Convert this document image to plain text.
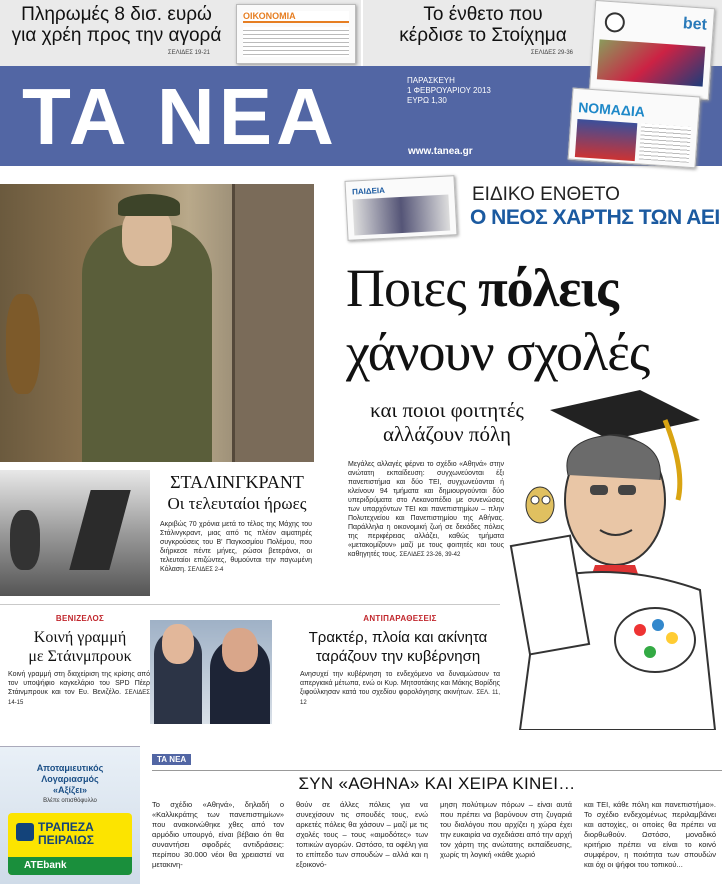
Πληρωμές 8 δισ. ευρώ
για χρέη προς την αγορά
ΣΕΛΙΔΕΣ 19-21
ΟΙΚΟΝΟΜΙΑ	Το ένθετο που
κέρδισε το Στοίχημα
ΣΕΛΙΔΕΣ 29-36
bet
ΝΟΜΑΔΙΑ
ΤΑ ΝΕΑ	ΠΑΡΑΣΚΕΥΗ
1 ΦΕΒΡΟΥΑΡΙΟΥ 2013
ΕΥΡΩ 1,30
www.tanea.gr
ΣΤΑΛΙΝΓΚΡΑΝΤ
Οι τελευταίοι ήρωες
Ακριβώς 70 χρόνια μετά το τέλος της Μάχης του Στάλινγκραντ, μιας από τις πλέον αιματηρές συγκρούσεις του Β' Παγκοσμίου Πολέμου, που διήρκεσε πέντε μήνες, ρώσοι βετεράνοι, οι τελευταίοι επιζώντες, θυμούνται την παγωμένη Κόλαση. ΣΕΛΙΔΕΣ 2-4
ΠΑΙΔΕΙΑ	ΕΙΔΙΚΟ ΕΝΘΕΤΟ
Ο ΝΕΟΣ ΧΑΡΤΗΣ ΤΩΝ ΑΕΙ
Ποιες πόλεις
χάνουν σχολές
και ποιοι φοιτητές
αλλάζουν πόλη
Μεγάλες αλλαγές φέρνει το σχέδιο «Αθηνά» στην ανώτατη εκπαίδευση: συγχωνεύονται έξι πανεπιστήμια και δύο ΤΕΙ, συγχωνεύονται ή κλείνουν 94 τμήματα και δημιουργούνται δύο υπεριδρύματα στο Λεκανοπέδιο με συνενώσεις των υπαρχόντων ΤΕΙ και πανεπιστημίων – πλην Πολυτεχνείου και Πανεπιστημίου της Αθήνας. Παράλληλα η οικονομική ζωή σε δεκάδες πόλεις της περιφέρειας αλλάζει, καθώς τμήματα «μετακομίζουν» μαζί με τους φοιτητές και τους καθηγητές τους. ΣΕΛΙΔΕΣ 23-26, 39-42
ΒΕΝΙΖΕΛΟΣ
Κοινή γραμμή
με Στάινμπρουκ
Κοινή γραμμή στη διαχείριση της κρίσης από τον υποψήφιο καγκελάριο του SPD Πέερ Στάινμπρουκ και τον Ευ. Βενιζέλο. ΣΕΛΙΔΕΣ 14-15
ΑΝΤΙΠΑΡΑΘΕΣΕΙΣ
Τρακτέρ, πλοία και ακίνητα
ταράζουν την κυβέρνηση
Ανησυχεί την κυβέρνηση το ενδεχόμενο να δυναμώσουν τα απεργιακά μέτωπα, ενώ οι Κυρ. Μητσοτάκης και Μάκης Βορίδης ξιφούλκησαν κατά του σχεδίου φορολόγησης ακινήτων. ΣΕΛ. 11, 12
Αποταμιευτικός
Λογαριασμός
«Αξίζει»
Βλέπε οπισθόφυλλο
ΤΡΑΠΕΖΑ
ΠΕΙΡΑΙΩΣ
ATEbank
ΤΑ ΝΕΑ
ΣΥΝ «ΑΘΗΝΑ» ΚΑΙ ΧΕΙΡΑ ΚΙΝΕΙ…
Το σχέδιο «Αθηνά», δηλαδή ο «Καλλικράτης των πανεπιστημίων» που ανακοινώθηκε χθες από τον αρμόδιο υπουργό, είναι βέβαιο ότι θα συναντήσει σφοδρές αντιδράσεις: περίπου 30.000 νέοι θα χρειαστεί να μετακινη-
θούν σε άλλες πόλεις για να συνεχίσουν τις σπουδές τους, ενώ αρκετές πόλεις θα χάσουν – μαζί με τις σχολές τους – τους «αιμοδότες» των τοπικών αγορών. Ωστόσο, τα οφέλη για το επίπεδο των σπουδών – αλλά και η εξοικονό-
μηση πολύτιμων πόρων – είναι αυτά που πρέπει να βαρύνουν στη ζυγαριά του διαλόγου που αρχίζει η χώρα έχει την ευκαιρία να σχεδιάσει από την αρχή τον χάρτη της ανώτατης εκπαίδευσης, χωρίς τη λογική «κάθε χωριό
και ΤΕΙ, κάθε πόλη και πανεπιστήμιο». Το σχέδιο ενδεχομένως περιλαμβάνει και αστοχίες, οι οποίες θα πρέπει να διορθωθούν. Ωστόσο, μοναδικό κριτήριο πρέπει να είναι το κοινό συμφέρον, η ποιότητα των σπουδών και όχι οι ψήφοι του τοπικού...
